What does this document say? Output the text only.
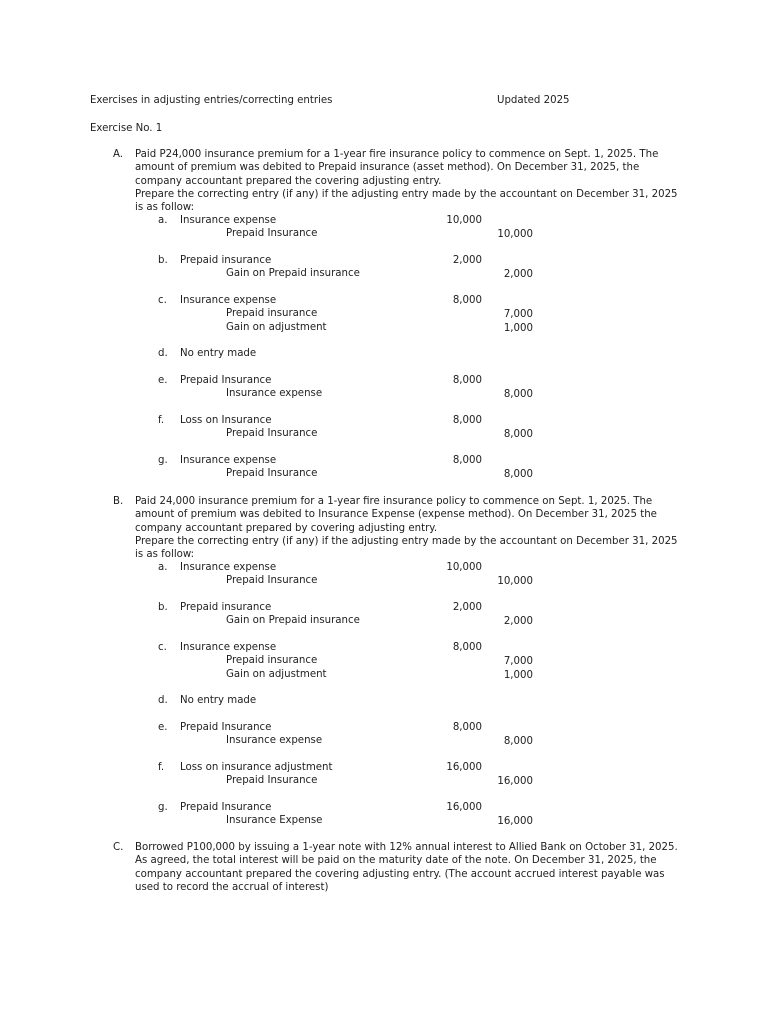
Exercises in adjusting entries/correcting entries	Updated 2025
Exercise No. 1
A. Paid P24,000 insurance premium for a 1-year fire insurance policy to commence on Sept. 1, 2025. The amount of premium was debited to Prepaid insurance (asset method). On December 31, 2025, the company accountant prepared the covering adjusting entry.

Prepare the correcting entry (if any) if the adjusting entry made by the accountant on December 31, 2025 is as follow:

a. Insurance expense	10,000
Prepaid Insurance	10,000
b. Prepaid insurance	2,000
Gain on Prepaid insurance	2,000
c. Insurance expense	8,000
Prepaid insurance	7,000
Gain on adjustment	1,000
d. No entry made
e. Prepaid Insurance	8,000
Insurance expense	8,000
f. Loss on Insurance	8,000
Prepaid Insurance	8,000
g. Insurance expense	8,000
Prepaid Insurance	8,000
B. Paid 24,000 insurance premium for a 1-year fire insurance policy to commence on Sept. 1, 2025. The amount of premium was debited to Insurance Expense (expense method). On December 31, 2025 the company accountant prepared by covering adjusting entry.

Prepare the correcting entry (if any) if the adjusting entry made by the accountant on December 31, 2025 is as follow:

a. Insurance expense	10,000
Prepaid Insurance	10,000
b. Prepaid insurance	2,000
Gain on Prepaid insurance	2,000
c. Insurance expense	8,000
Prepaid insurance	7,000
Gain on adjustment	1,000
d. No entry made
e. Prepaid Insurance	8,000
Insurance expense	8,000
f. Loss on insurance adjustment	16,000
Prepaid Insurance	16,000
g. Prepaid Insurance	16,000
Insurance Expense	16,000
C. Borrowed P100,000 by issuing a 1-year note with 12% annual interest to Allied Bank on October 31, 2025. As agreed, the total interest will be paid on the maturity date of the note. On December 31, 2025, the company accountant prepared the covering adjusting entry. (The account accrued interest payable was used to record the accrual of interest)
